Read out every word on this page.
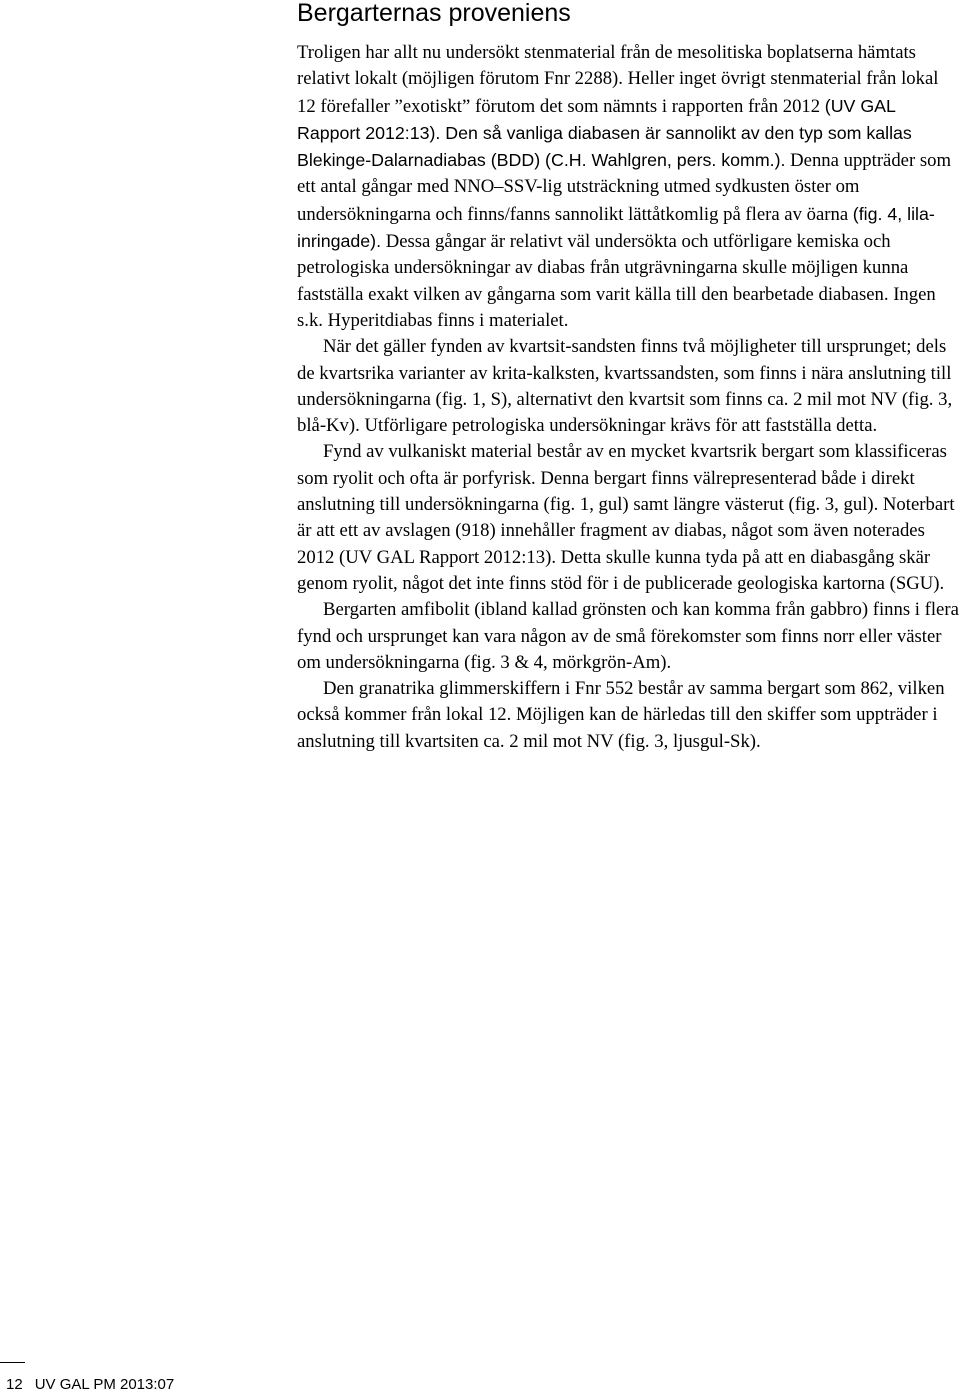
Bergarternas proveniens

Troligen har allt nu undersökt stenmaterial från de mesolitiska boplatserna hämtats relativt lokalt (möjligen förutom Fnr 2288). Heller inget övrigt stenmaterial från lokal 12 förefaller ”exotiskt” förutom det som nämnts i rapporten från 2012 (UV GAL Rapport 2012:13). Den så vanliga diabasen är sannolikt av den typ som kallas Blekinge-Dalarnadiabas (BDD) (C.H. Wahlgren, pers. komm.). Denna uppträder som ett antal gångar med NNO–SSV-lig utsträckning utmed sydkusten öster om undersökningarna och finns/fanns sannolikt lättåtkomlig på flera av öarna (fig. 4, lila-inringade). Dessa gångar är relativt väl undersökta och utförligare kemiska och petrologiska undersökningar av diabas från utgrävningarna skulle möjligen kunna fastställa exakt vilken av gångarna som varit källa till den bearbetade diabasen. Ingen s.k. Hyperitdiabas finns i materialet.

När det gäller fynden av kvartsit-sandsten finns två möjligheter till ursprunget; dels de kvartsrika varianter av krita-kalksten, kvartssandsten, som finns i nära anslutning till undersökningarna (fig. 1, S), alternativt den kvartsit som finns ca. 2 mil mot NV (fig. 3, blå-Kv). Utförligare petrologiska undersökningar krävs för att fastställa detta.

Fynd av vulkaniskt material består av en mycket kvartsrik bergart som klassificeras som ryolit och ofta är porfyrisk. Denna bergart finns välrepresenterad både i direkt anslutning till undersökningarna (fig. 1, gul) samt längre västerut (fig. 3, gul). Noterbart är att ett av avslagen (918) innehåller fragment av diabas, något som även noterades 2012 (UV GAL Rapport 2012:13). Detta skulle kunna tyda på att en diabasgång skär genom ryolit, något det inte finns stöd för i de publicerade geologiska kartorna (SGU).

Bergarten amfibolit (ibland kallad grönsten och kan komma från gabbro) finns i flera fynd och ursprunget kan vara någon av de små förekomster som finns norr eller väster om undersökningarna (fig. 3 & 4, mörkgrön-Am).

Den granatrika glimmerskiffern i Fnr 552 består av samma bergart som 862, vilken också kommer från lokal 12. Möjligen kan de härledas till den skiffer som uppträder i anslutning till kvartsiten ca. 2 mil mot NV (fig. 3, ljusgul-Sk).

12 UV GAL PM 2013:07
